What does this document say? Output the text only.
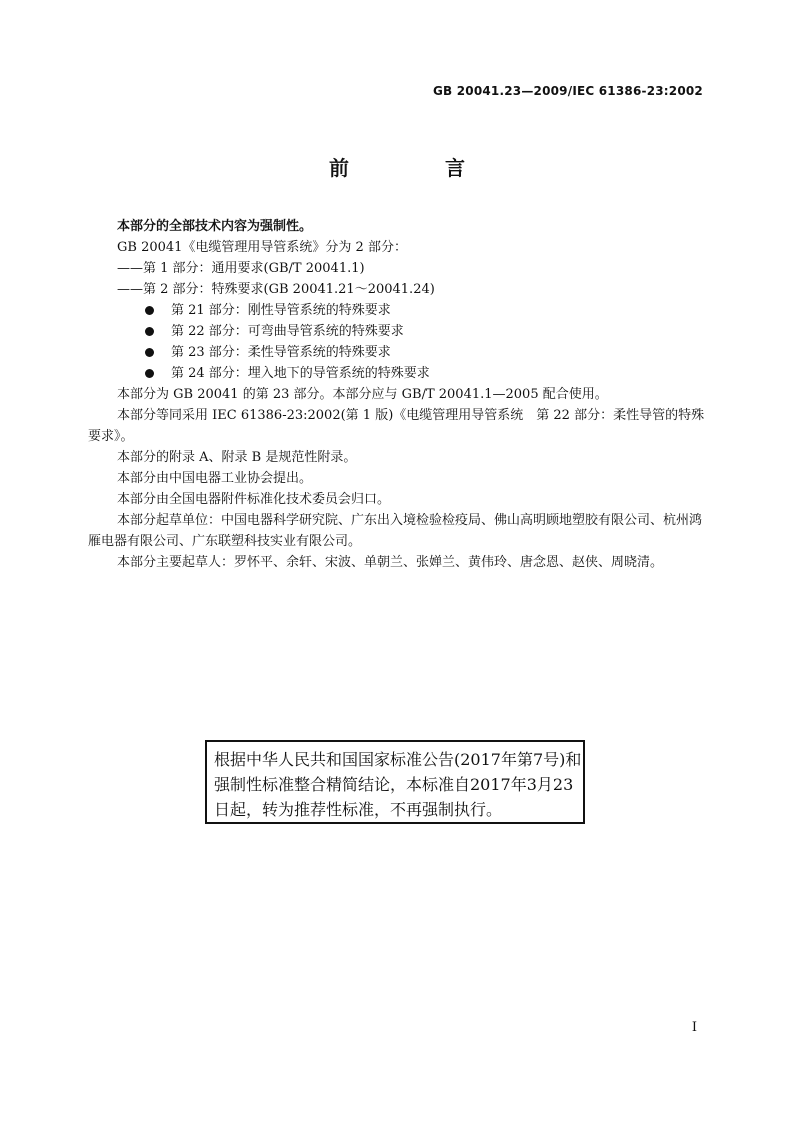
GB 20041.23—2009/IEC 61386-23:2002
前　言

本部分的全部技术内容为强制性。

GB 20041《电缆管理用导管系统》分为 2 部分：

——第 1 部分：通用要求(GB/T 20041.1)

——第 2 部分：特殊要求(GB 20041.21～20041.24)

第 21 部分：刚性导管系统的特殊要求
第 22 部分：可弯曲导管系统的特殊要求
第 23 部分：柔性导管系统的特殊要求
第 24 部分：埋入地下的导管系统的特殊要求

本部分为 GB 20041 的第 23 部分。本部分应与 GB/T 20041.1—2005 配合使用。

本部分等同采用 IEC 61386-23:2002(第 1 版)《电缆管理用导管系统　第 22 部分：柔性导管的特殊要求》。

本部分的附录 A、附录 B 是规范性附录。

本部分由中国电器工业协会提出。

本部分由全国电器附件标准化技术委员会归口。

本部分起草单位：中国电器科学研究院、广东出入境检验检疫局、佛山高明顾地塑胶有限公司、杭州鸿雁电器有限公司、广东联塑科技实业有限公司。

本部分主要起草人：罗怀平、余轩、宋波、单朝兰、张婵兰、黄伟玲、唐念恩、赵侠、周晓清。

根据中华人民共和国国家标准公告(2017年第7号)和强制性标准整合精简结论，本标准自2017年3月23日起，转为推荐性标准，不再强制执行。
I
